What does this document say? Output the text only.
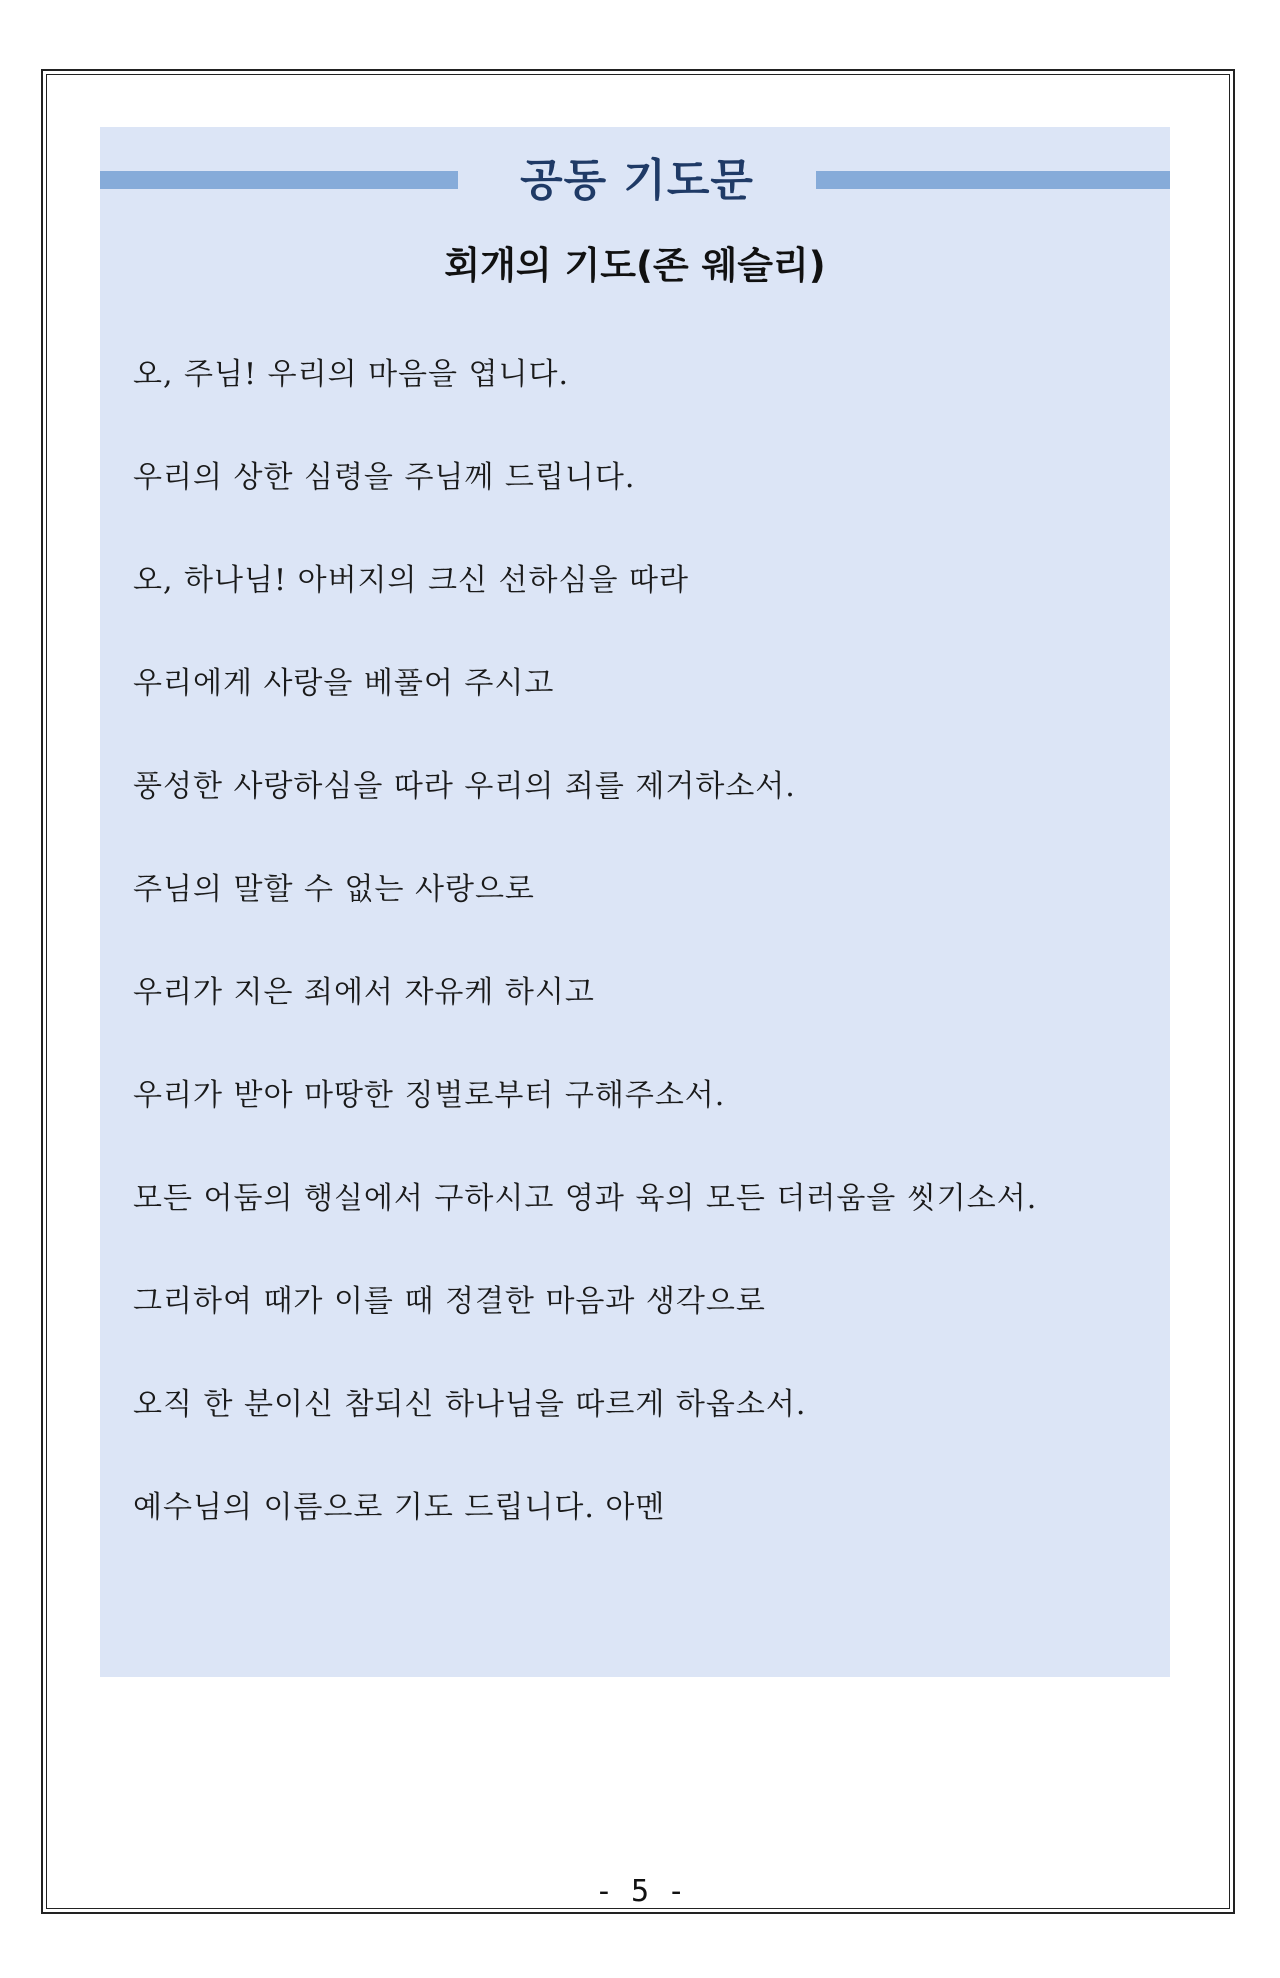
공동 기도문
회개의 기도(존 웨슬리)
오, 주님! 우리의 마음을 엽니다.
우리의 상한 심령을 주님께 드립니다.
오, 하나님! 아버지의 크신 선하심을 따라
우리에게 사랑을 베풀어 주시고
풍성한 사랑하심을 따라 우리의 죄를 제거하소서.
주님의 말할 수 없는 사랑으로
우리가 지은 죄에서 자유케 하시고
우리가 받아 마땅한 징벌로부터 구해주소서.
모든 어둠의 행실에서 구하시고 영과 육의 모든 더러움을 씻기소서.
그리하여 때가 이를 때 정결한 마음과 생각으로
오직 한 분이신 참되신 하나님을 따르게 하옵소서.
예수님의 이름으로 기도 드립니다. 아멘
- 5 -
